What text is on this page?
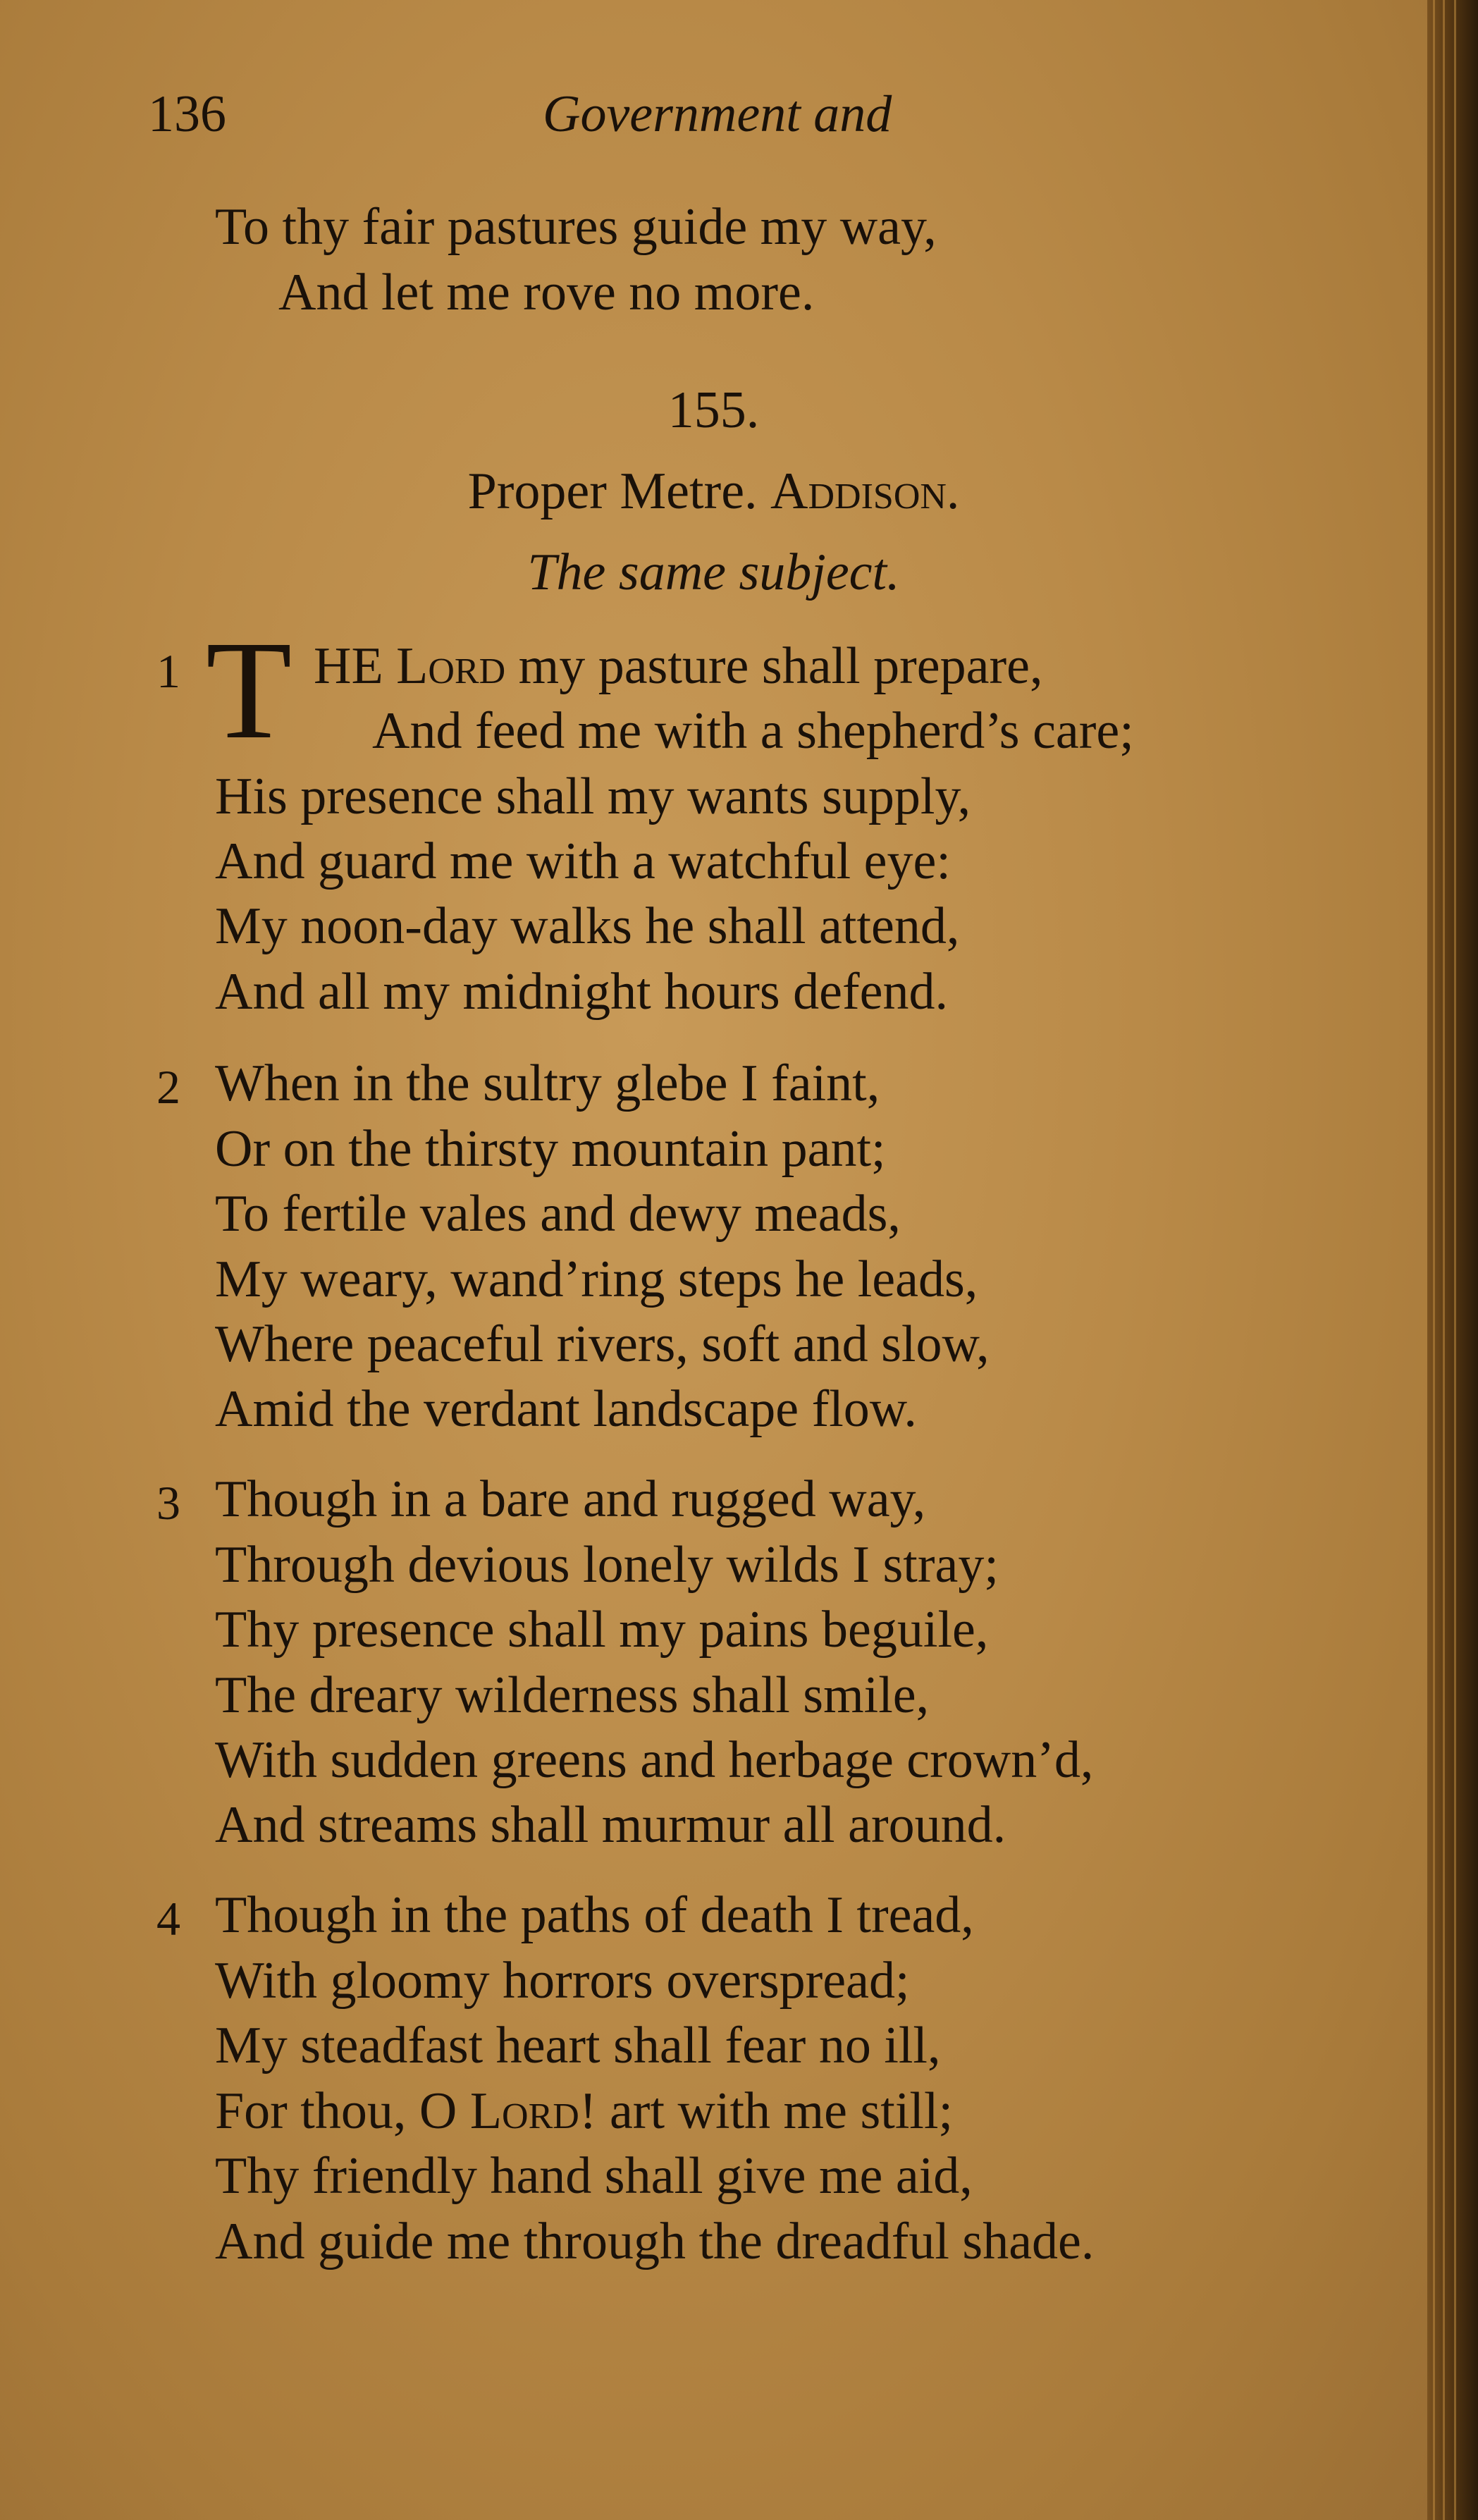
136	Government and
To thy fair pastures guide my way,
And let me rove no more.
155.
Proper Metre. Addison.
The same subject.
1 T HE Lord my pasture shall prepare,
And feed me with a shepherd’s care;
His presence shall my wants supply,
And guard me with a watchful eye:
My noon-day walks he shall attend,
And all my midnight hours defend.
2 When in the sultry glebe I faint,
Or on the thirsty mountain pant;
To fertile vales and dewy meads,
My weary, wand’ring steps he leads,
Where peaceful rivers, soft and slow,
Amid the verdant landscape flow.
3 Though in a bare and rugged way,
Through devious lonely wilds I stray;
Thy presence shall my pains beguile,
The dreary wilderness shall smile,
With sudden greens and herbage crown’d,
And streams shall murmur all around.
4 Though in the paths of death I tread,
With gloomy horrors overspread;
My steadfast heart shall fear no ill,
For thou, O Lord! art with me still;
Thy friendly hand shall give me aid,
And guide me through the dreadful shade.
